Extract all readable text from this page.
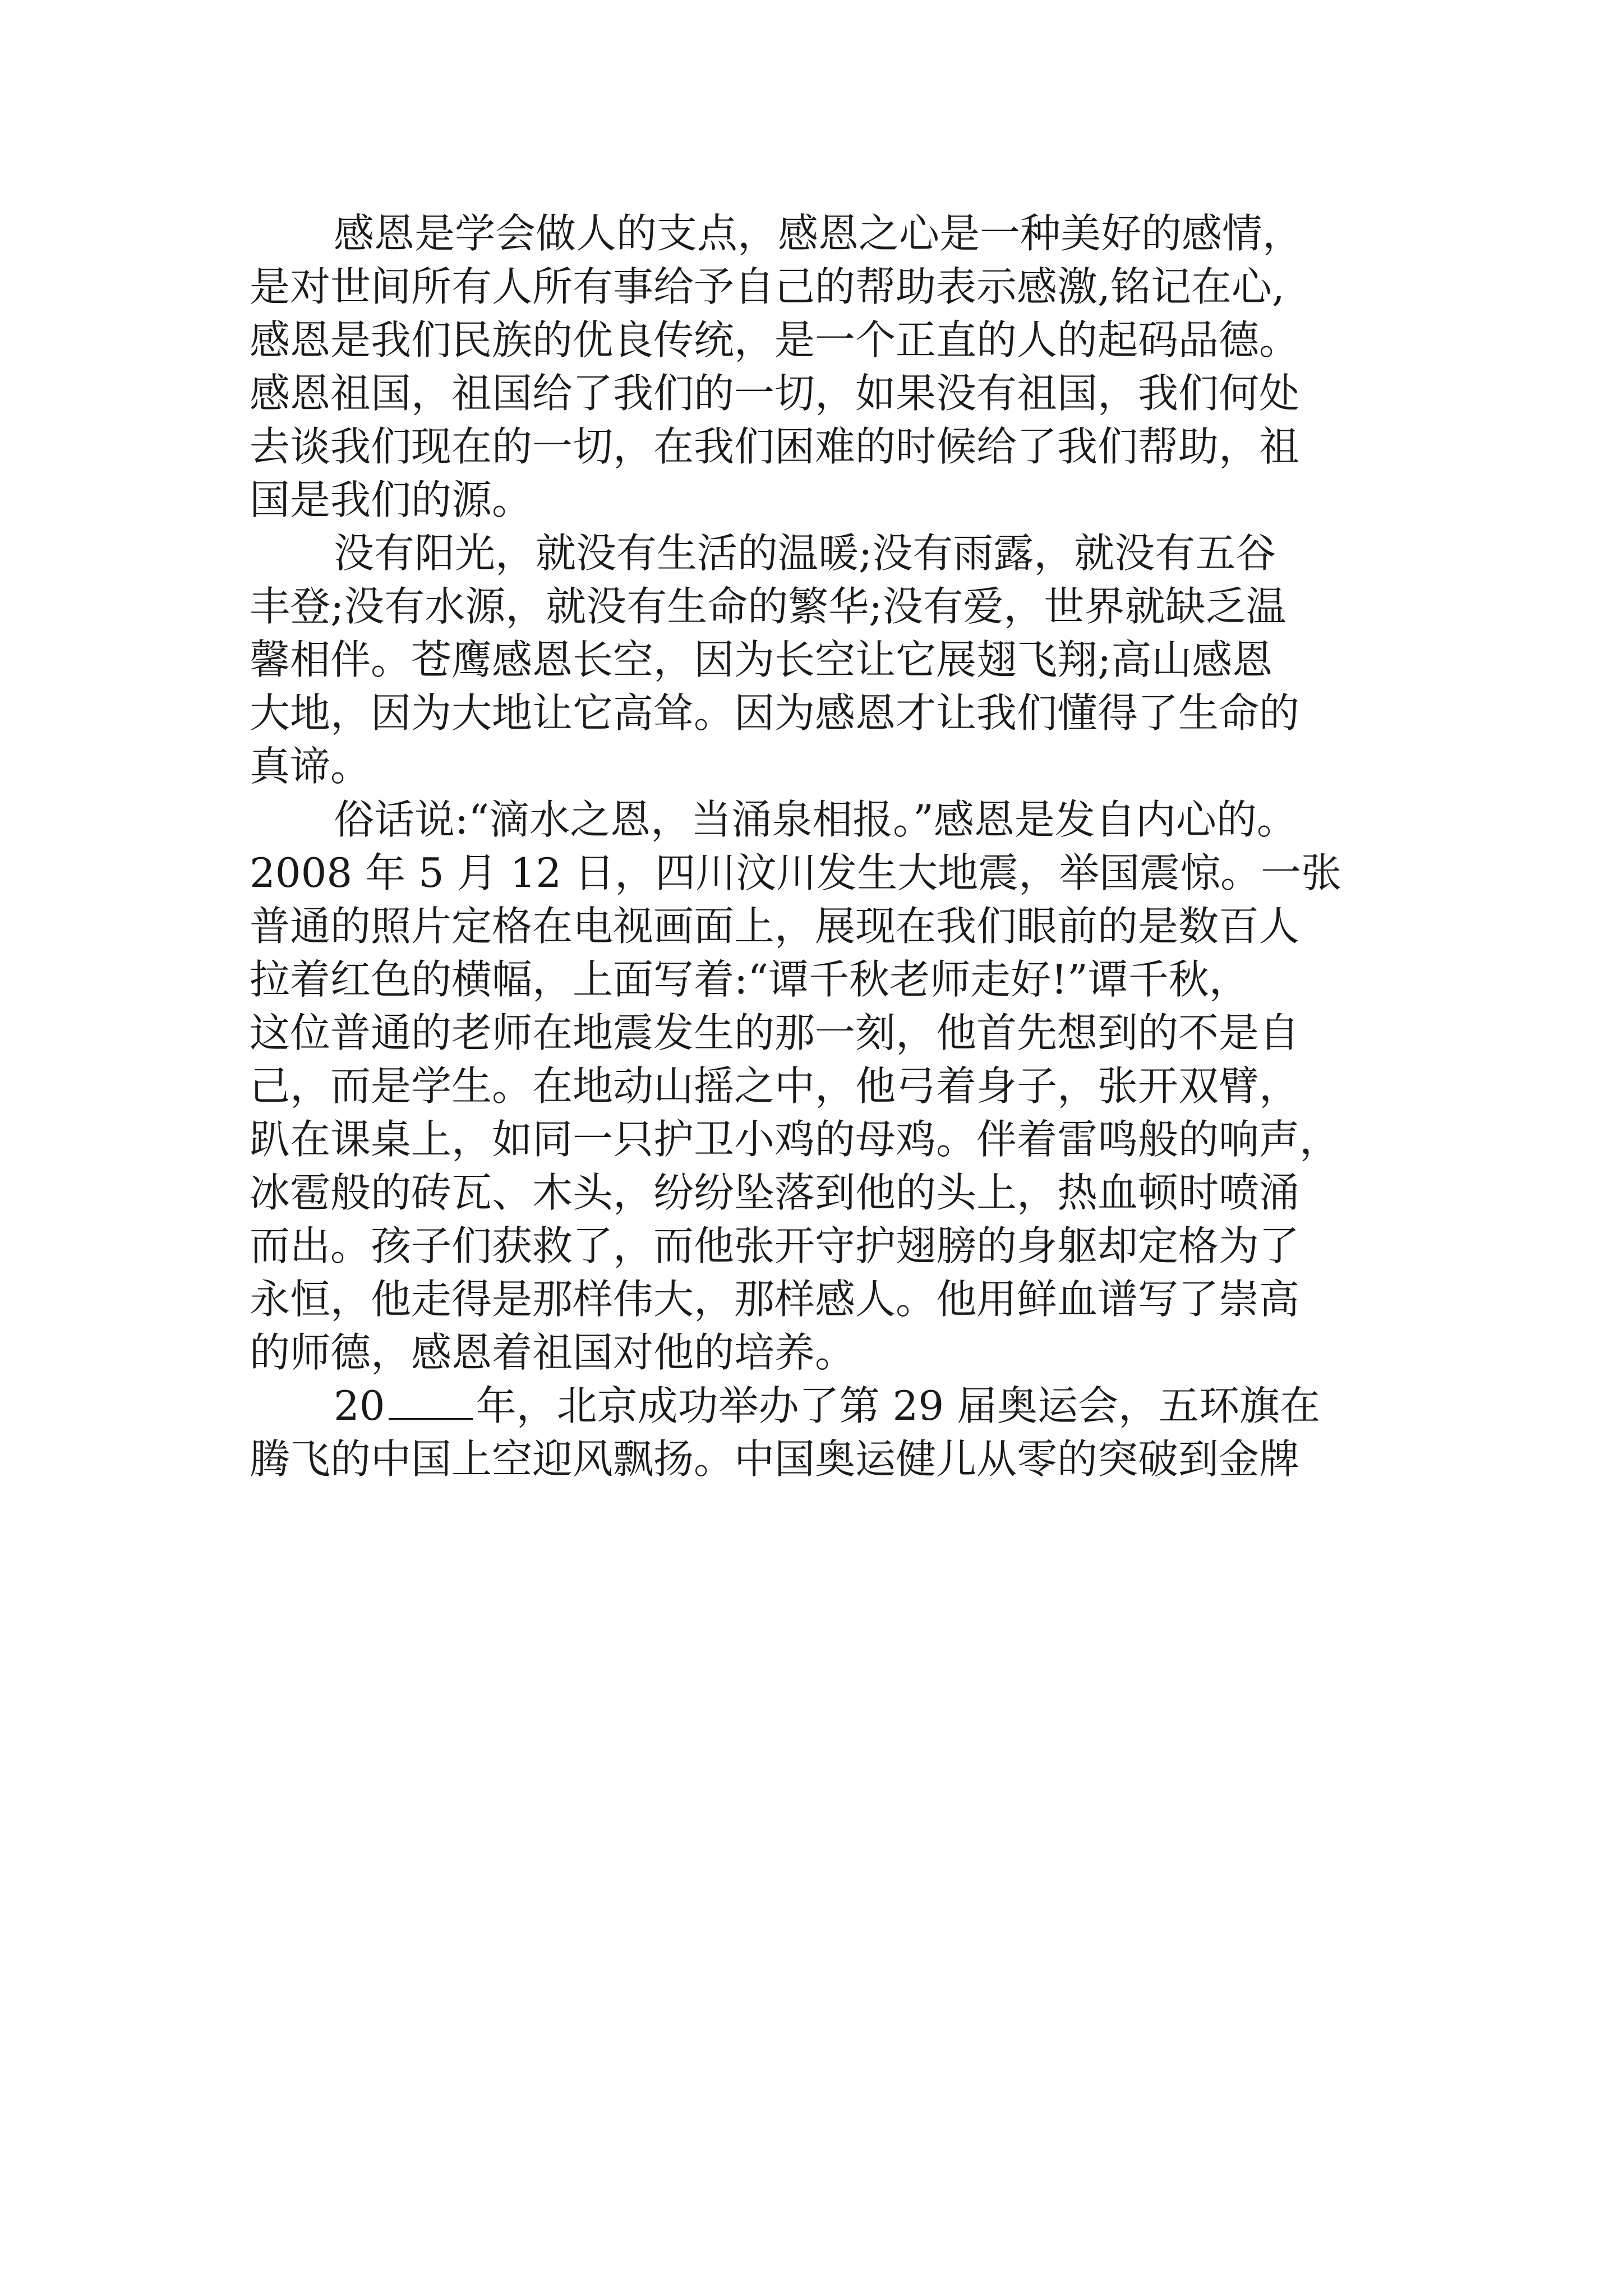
感恩是学会做人的支点，感恩之心是一种美好的感情，
是对世间所有人所有事给予自己的帮助表示感激,铭记在心,
感恩是我们民族的优良传统，是一个正直的人的起码品德。
感恩祖国，祖国给了我们的一切，如果没有祖国，我们何处
去谈我们现在的一切，在我们困难的时候给了我们帮助，祖
国是我们的源。
没有阳光，就没有生活的温暖;没有雨露，就没有五谷
丰登;没有水源，就没有生命的繁华;没有爱，世界就缺乏温
馨相伴。苍鹰感恩长空，因为长空让它展翅飞翔;高山感恩
大地，因为大地让它高耸。因为感恩才让我们懂得了生命的
真谛。
俗话说:“滴水之恩，当涌泉相报。”感恩是发自内心的。
2008 年 5 月 12 日，四川汶川发生大地震，举国震惊。一张
普通的照片定格在电视画面上，展现在我们眼前的是数百人
拉着红色的横幅，上面写着:“谭千秋老师走好!”谭千秋，
这位普通的老师在地震发生的那一刻，他首先想到的不是自
己，而是学生。在地动山摇之中，他弓着身子，张开双臂，
趴在课桌上，如同一只护卫小鸡的母鸡。伴着雷鸣般的响声，
冰雹般的砖瓦、木头，纷纷坠落到他的头上，热血顿时喷涌
而出。孩子们获救了，而他张开守护翅膀的身躯却定格为了
永恒，他走得是那样伟大，那样感人。他用鲜血谱写了崇高
的师德，感恩着祖国对他的培养。
20 年，北京成功举办了第 29 届奥运会，五环旗在
腾飞的中国上空迎风飘扬。中国奥运健儿从零的突破到金牌
